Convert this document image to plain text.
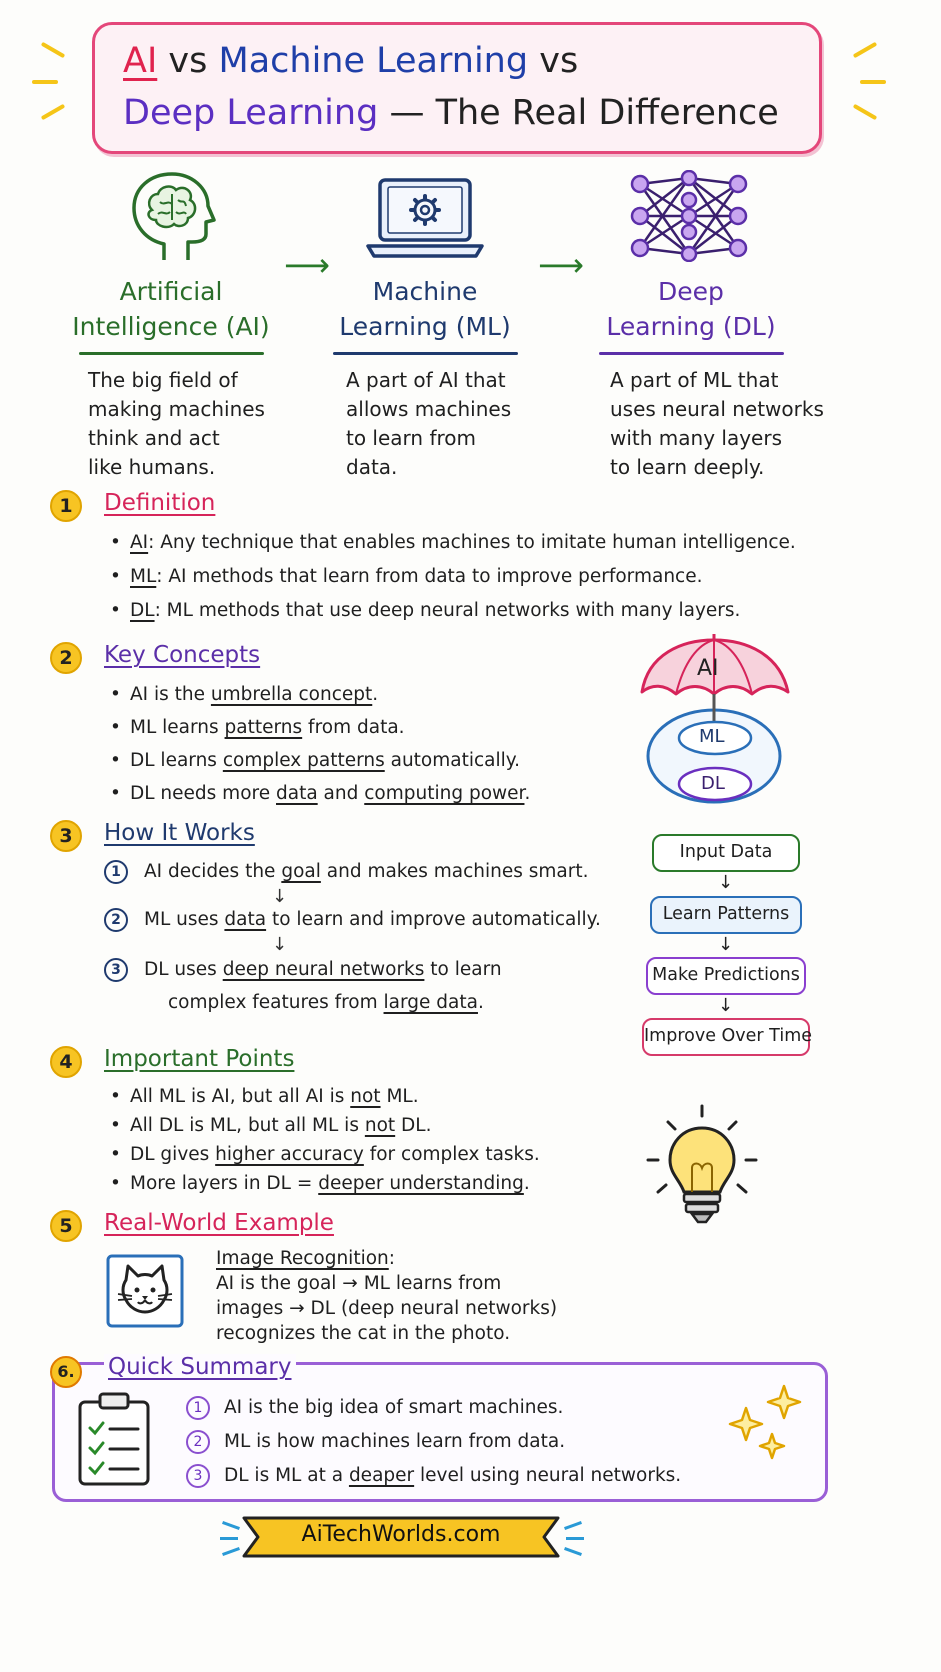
AI vs Machine Learning vs
Deep Learning — The Real Difference
⟶	⟶
Artificial
Intelligence (AI)
Machine
Learning (ML)
Deep
Learning (DL)
The big field of
making machines
think and act
like humans.
A part of AI that
allows machines
to learn from
data.
A part of ML that
uses neural networks
with many layers
to learn deeply.
1	Definition
• AI: Any technique that enables machines to imitate human intelligence.
• ML: AI methods that learn from data to improve performance.
• DL: ML methods that use deep neural networks with many layers.
2	Key Concepts
• AI is the umbrella concept.
• ML learns patterns from data.
• DL learns complex patterns automatically.
• DL needs more data and computing power.
AI
ML
DL
3	How It Works
1 AI decides the goal and makes machines smart.
↓
2 ML uses data to learn and improve automatically.
↓
3 DL uses deep neural networks to learn
complex features from large data.
Input Data
↓
Learn Patterns
↓
Make Predictions
↓
Improve Over Time
4	Important Points
• All ML is AI, but all AI is not ML.
• All DL is ML, but all ML is not DL.
• DL gives higher accuracy for complex tasks.
• More layers in DL = deeper understanding.
5	Real-World Example
Image Recognition:
AI is the goal → ML learns from
images → DL (deep neural networks)
recognizes the cat in the photo.
6.	Quick Summary
1 AI is the big idea of smart machines.
2 ML is how machines learn from data.
3 DL is ML at a deaper level using neural networks.
AiTechWorlds.com
